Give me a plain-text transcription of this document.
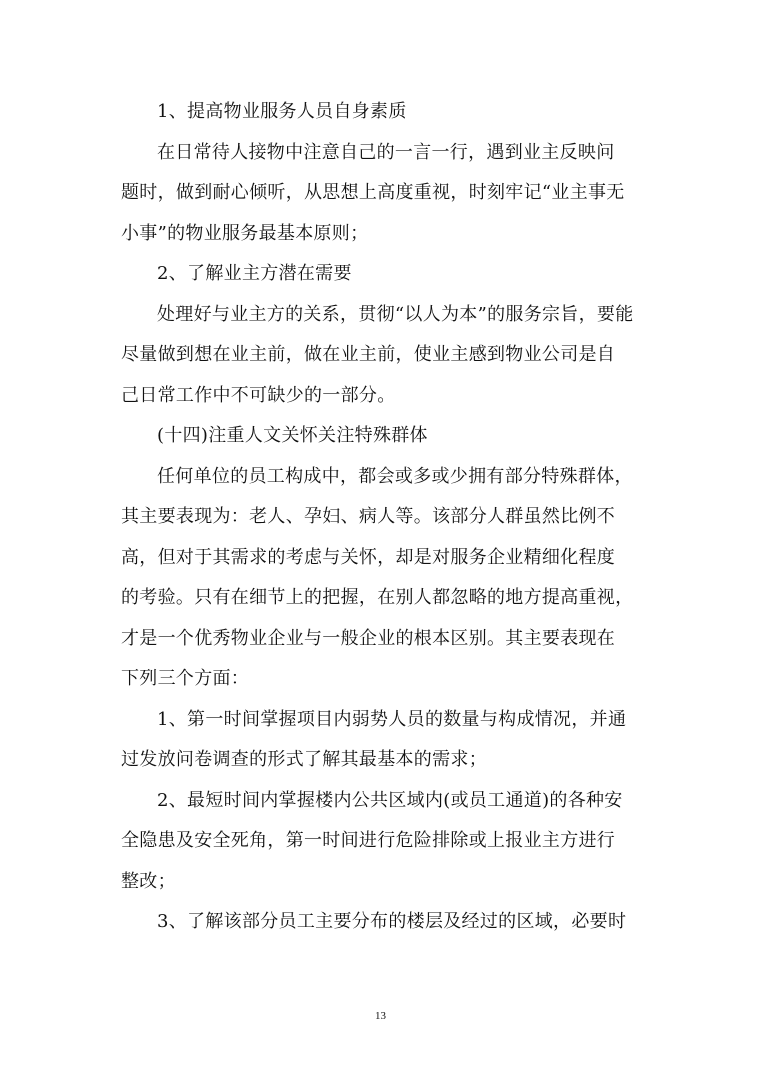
1、提高物业服务人员自身素质
在日常待人接物中注意自己的一言一行，遇到业主反映问
题时，做到耐心倾听，从思想上高度重视，时刻牢记“业主事无
小事”的物业服务最基本原则；
2、了解业主方潜在需要
处理好与业主方的关系，贯彻“以人为本”的服务宗旨，要能
尽量做到想在业主前，做在业主前，使业主感到物业公司是自
己日常工作中不可缺少的一部分。
(十四)注重人文关怀关注特殊群体
任何单位的员工构成中，都会或多或少拥有部分特殊群体，
其主要表现为：老人、孕妇、病人等。该部分人群虽然比例不
高，但对于其需求的考虑与关怀，却是对服务企业精细化程度
的考验。只有在细节上的把握，在别人都忽略的地方提高重视，
才是一个优秀物业企业与一般企业的根本区别。其主要表现在
下列三个方面：
1、第一时间掌握项目内弱势人员的数量与构成情况，并通
过发放问卷调查的形式了解其最基本的需求；
2、最短时间内掌握楼内公共区域内(或员工通道)的各种安
全隐患及安全死角，第一时间进行危险排除或上报业主方进行
整改；
3、了解该部分员工主要分布的楼层及经过的区域，必要时
13
